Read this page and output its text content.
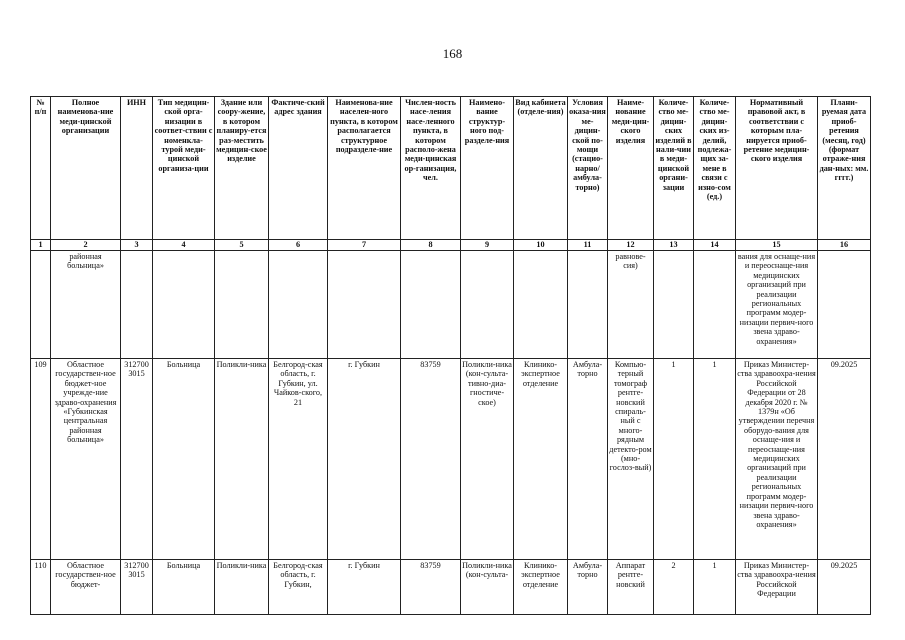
168
№ п/п	Полное наименова-ние меди-цинской организации	ИНН	Тип медицин-ской орга-низации в соответ-ствии с номенкла-турой меди-цинской организа-ции	Здание или соору-жение, в котором планиру-ется раз-местить медицин-ское изделие	Фактиче-ский адрес здания	Наименова-ние населен-ного пункта, в котором располагается структурное подразделе-ние	Числен-ность насе-ления насе-ленного пункта, в котором располо-жена меди-цинская ор-ганизация, чел.	Наимено-вание структур-ного под-разделе-ния	Вид кабинета (отделе-ния)	Условия оказа-ния ме-дицин-ской по-мощи (стацио-нарно/ амбула-торно)	Наиме-нование меди-цин-ского изделия	Количе-ство ме-дицин-ских изделий в нали-чии в меди-цинской органи-зации	Количе-ство ме-дицин-ских из-делий, подлежа-щих за-мене в связи с изно-сом (ед.)	Нормативный правовой акт, в соответствии с которым пла-нируется приоб-ретение медицин-ского изделия	Плани-руемая дата приоб-ретения (месяц, год) (формат отраже-ния дан-ных: мм. гггг.)
1	2	3	4	5	6	7	8	9	10	11	12	13	14	15	16
	районная больница»										равнове-сия)			вания для оснаще-ния и переоснаще-ния медицинских организаций при реализации региональных программ модер-низации первич-ного звена здраво-охранения»	
109	Областное государствен-ное бюджет-ное учрежде-ние здраво-охранения «Губкинская центральная районная больница»	312700 3015	Больница	Поликли-ника	Белгород-ская область, г. Губкин, ул. Чайков-ского, 21	г. Губкин	83759	Поликли-ника (кон-сульта-тивно-диа-гностиче-ское)	Клинико-экспертное отделение	Амбула-торно	Компью-терный томограф рентге-новский спираль-ный с много-рядным детекто-ром (мно-гослоз-вый)	1	1	Приказ Министер-ства здравоохра-нения Российской Федерации от 28 декабря 2020 г. № 1379н «Об утверждении перечня оборудо-вания для оснаще-ния и переоснаще-ния медицинских организаций при реализации региональных программ модер-низации первич-ного звена здраво-охранения»	09.2025
110	Областное государствен-ное бюджет-	312700 3015	Больница	Поликли-ника	Белгород-ская область, г. Губкин,	г. Губкин	83759	Поликли-ника (кон-сульта-	Клинико-экспертное отделение	Амбула-торно	Аппарат рентге-новский	2	1	Приказ Министер-ства здравоохра-нения Российской Федерации	09.2025
